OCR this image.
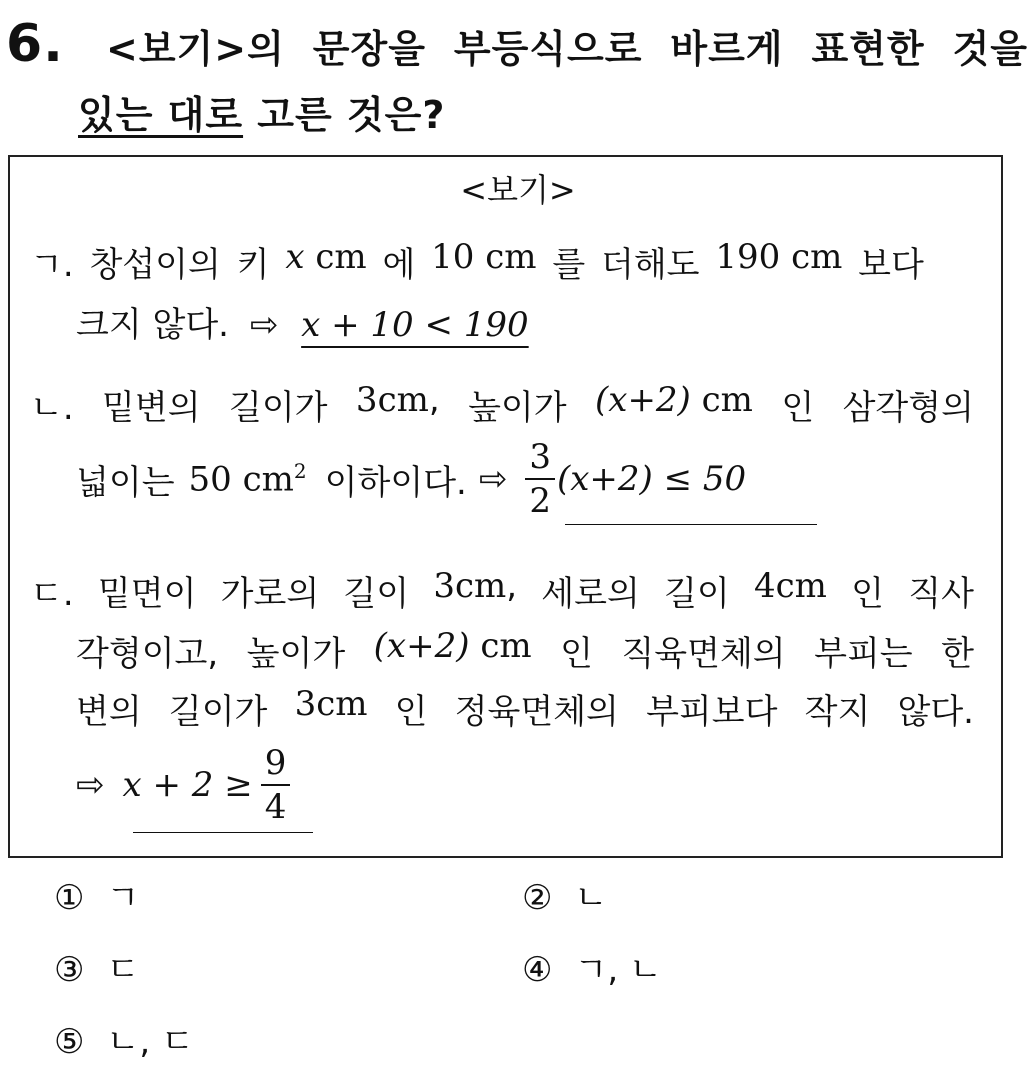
6. <보기>의 문장을 부등식으로 바르게 표현한 것을
있는 대로 고른 것은?
<보기>
ㄱ. 창섭이의 키 x cm 에 10 cm 를 더해도 190 cm 보다
크지 않다. ⇨ x + 10 < 190
ㄴ. 밑변의 길이가 3cm, 높이가 (x+2) cm 인 삼각형의
넓이는 50 $cm^2$ 이하이다. ⇨ $\frac{3}{2} (x+2) \le 50$
ㄷ. 밑면이 가로의 길이 3cm, 세로의 길이 4cm 인 직사
각형이고, 높이가 (x+2) cm 인 직육면체의 부피는 한
변의 길이가 3cm 인 정육면체의 부피보다 작지 않다.
⇨ $x + 2 \ge \frac{9}{4}$
① ㄱ	② ㄴ
③ ㄷ	④ ㄱ, ㄴ
⑤ ㄴ, ㄷ
